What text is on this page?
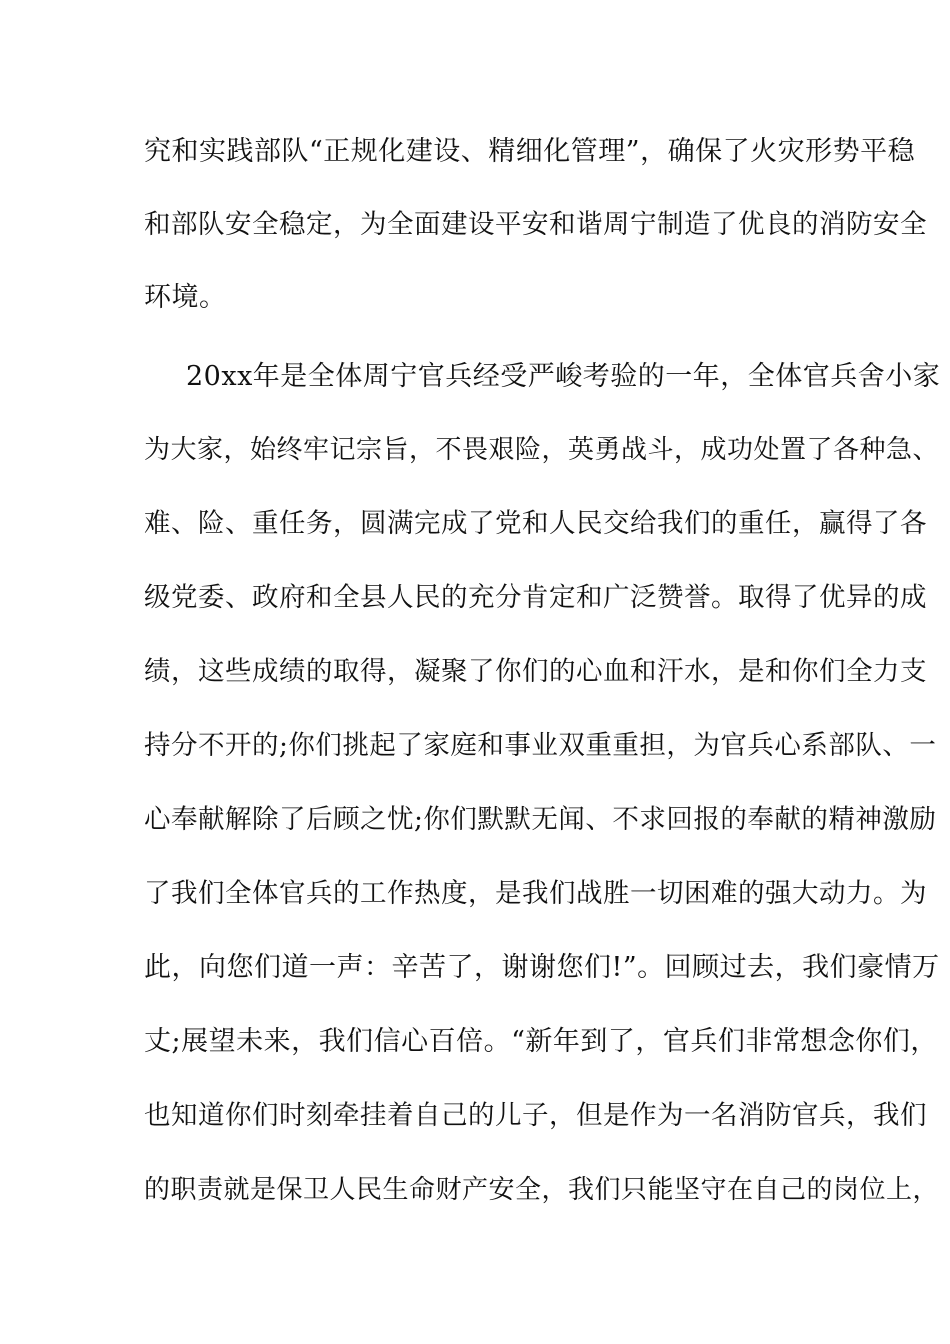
究和实践部队“正规化建设、精细化管理”，确保了火灾形势平稳
和部队安全稳定，为全面建设平安和谐周宁制造了优良的消防安全
环境。
20xx年是全体周宁官兵经受严峻考验的一年，全体官兵舍小家
为大家，始终牢记宗旨，不畏艰险，英勇战斗，成功处置了各种急、
难、险、重任务，圆满完成了党和人民交给我们的重任，赢得了各
级党委、政府和全县人民的充分肯定和广泛赞誉。取得了优异的成
绩，这些成绩的取得，凝聚了你们的心血和汗水，是和你们全力支
持分不开的;你们挑起了家庭和事业双重重担，为官兵心系部队、一
心奉献解除了后顾之忧;你们默默无闻、不求回报的奉献的精神激励
了我们全体官兵的工作热度，是我们战胜一切困难的强大动力。为
此，向您们道一声：辛苦了，谢谢您们!”。回顾过去，我们豪情万
丈;展望未来，我们信心百倍。“新年到了，官兵们非常想念你们，
也知道你们时刻牵挂着自己的儿子，但是作为一名消防官兵，我们
的职责就是保卫人民生命财产安全，我们只能坚守在自己的岗位上，
